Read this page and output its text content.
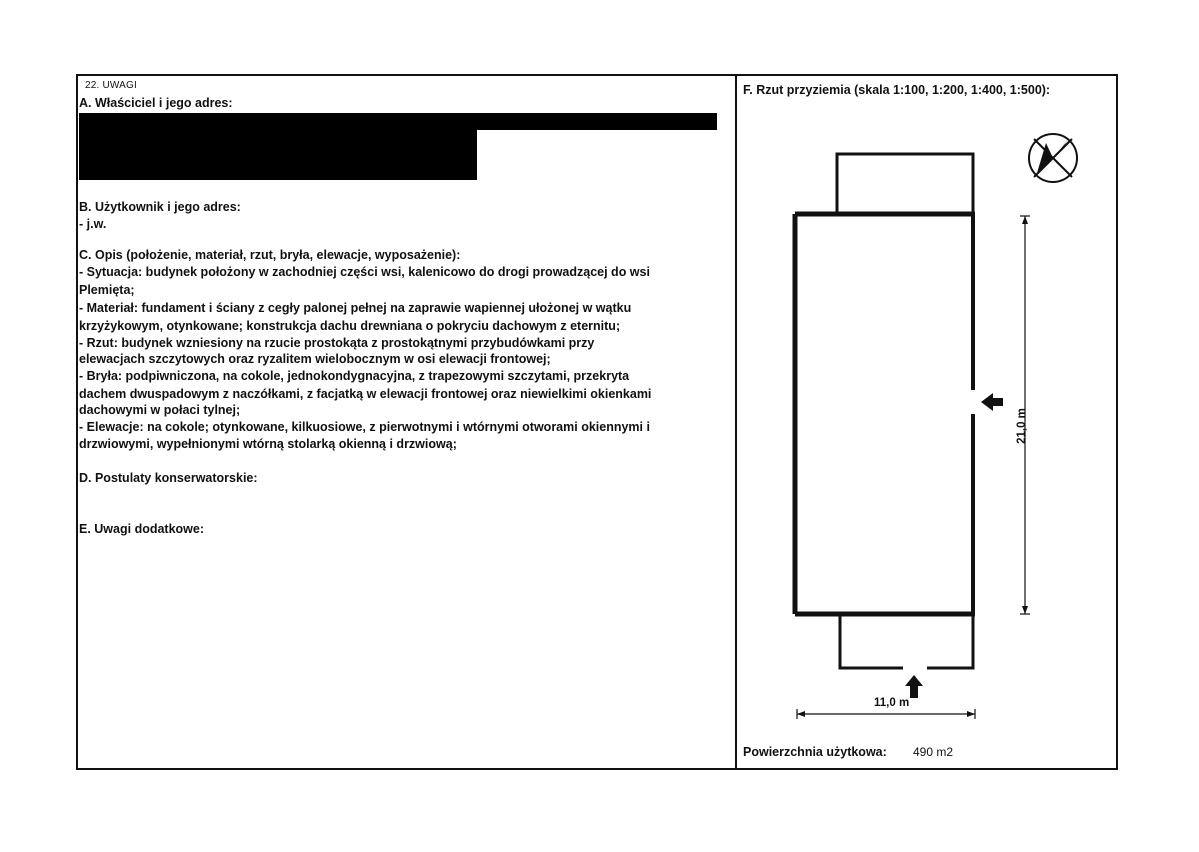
22. UWAGI
A. Właściciel i jego adres:
B. Użytkownik i jego adres:
- j.w.
C. Opis (położenie, materiał, rzut, bryła, elewacje, wyposażenie):
- Sytuacja: budynek położony w zachodniej części wsi, kalenicowo do drogi prowadzącej do wsi
Plemięta;
- Materiał: fundament i ściany z cegły palonej pełnej na zaprawie wapiennej ułożonej w wątku
krzyżykowym, otynkowane; konstrukcja dachu drewniana o pokryciu dachowym z eternitu;
- Rzut: budynek wzniesiony na rzucie prostokąta z prostokątnymi przybudówkami przy
elewacjach szczytowych oraz ryzalitem wielobocznym w osi elewacji frontowej;
- Bryła: podpiwniczona, na cokole, jednokondygnacyjna, z trapezowymi szczytami, przekryta
dachem dwuspadowym z naczółkami, z facjatką w elewacji frontowej oraz niewielkimi okienkami
dachowymi w połaci tylnej;
- Elewacje: na cokole; otynkowane, kilkuosiowe, z pierwotnymi i wtórnymi otworami okiennymi i
drzwiowymi, wypełnionymi wtórną stolarką okienną i drzwiową;
D. Postulaty konserwatorskie:
E. Uwagi dodatkowe:
F. Rzut przyziemia (skala 1:100, 1:200, 1:400, 1:500):
11,0 m
21,0 m
Powierzchnia użytkowa: 490 m2
